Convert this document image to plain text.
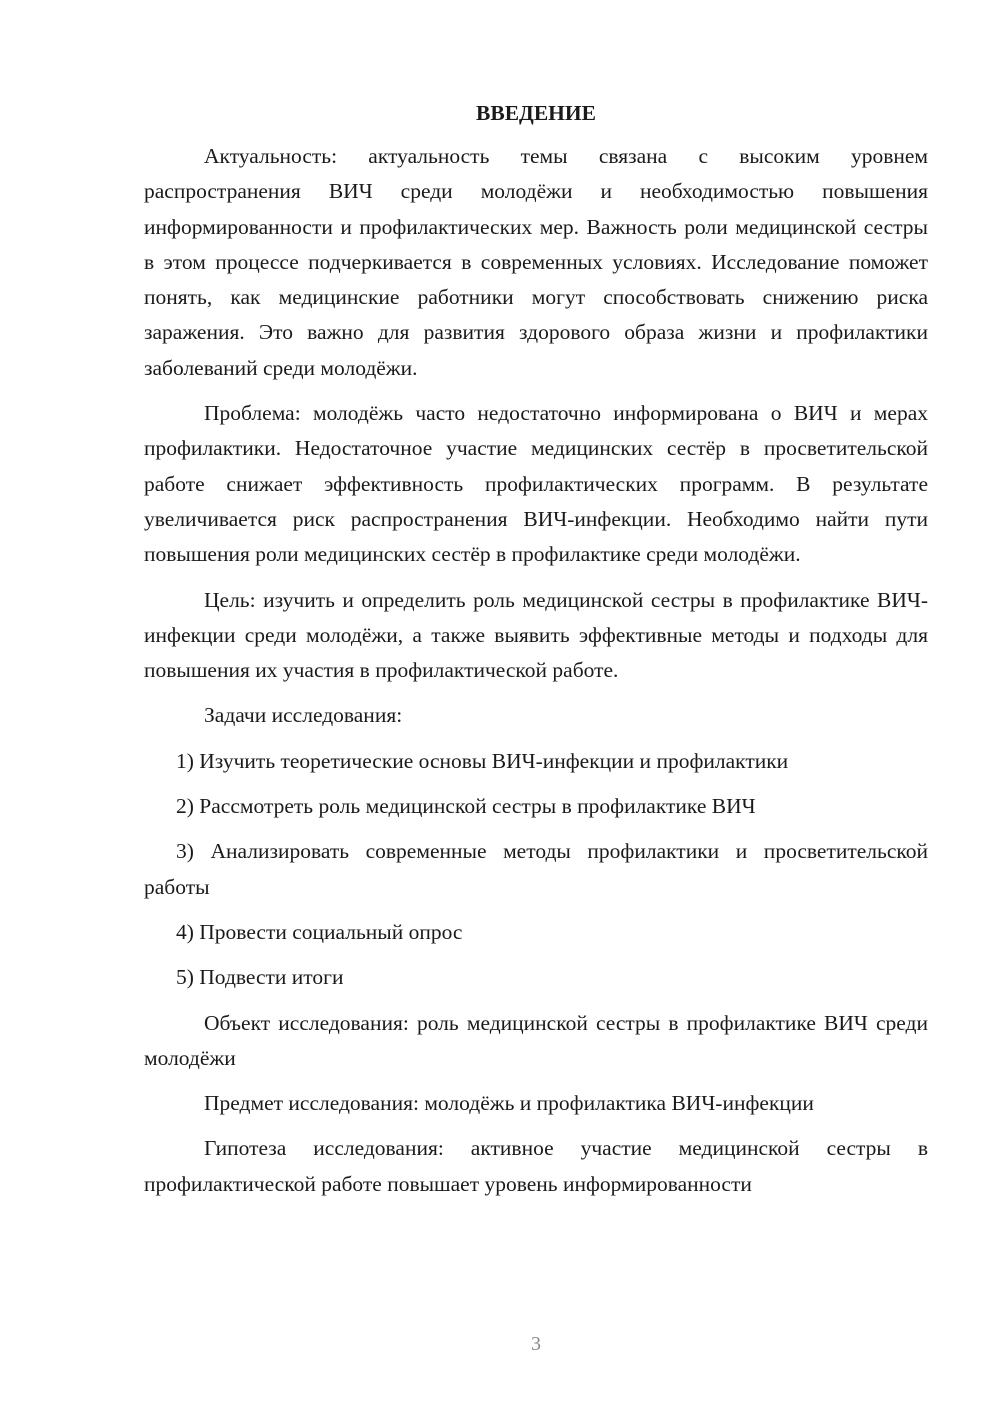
ВВЕДЕНИЕ

Актуальность: актуальность темы связана с высоким уровнем распространения ВИЧ среди молодёжи и необходимостью повышения информированности и профилактических мер. Важность роли медицинской сестры в этом процессе подчеркивается в современных условиях. Исследование поможет понять, как медицинские работники могут способствовать снижению риска заражения. Это важно для развития здорового образа жизни и профилактики заболеваний среди молодёжи.

Проблема: молодёжь часто недостаточно информирована о ВИЧ и мерах профилактики. Недостаточное участие медицинских сестёр в просветительской работе снижает эффективность профилактических программ. В результате увеличивается риск распространения ВИЧ-инфекции. Необходимо найти пути повышения роли медицинских сестёр в профилактике среди молодёжи.

Цель: изучить и определить роль медицинской сестры в профилактике ВИЧ-инфекции среди молодёжи, а также выявить эффективные методы и подходы для повышения их участия в профилактической работе.

Задачи исследования:

1) Изучить теоретические основы ВИЧ-инфекции и профилактики

2) Рассмотреть роль медицинской сестры в профилактике ВИЧ

3) Анализировать современные методы профилактики и просветительской работы

4) Провести социальный опрос

5) Подвести итоги

Объект исследования: роль медицинской сестры в профилактике ВИЧ среди молодёжи

Предмет исследования: молодёжь и профилактика ВИЧ-инфекции

Гипотеза исследования: активное участие медицинской сестры в профилактической работе повышает уровень информированности

3
